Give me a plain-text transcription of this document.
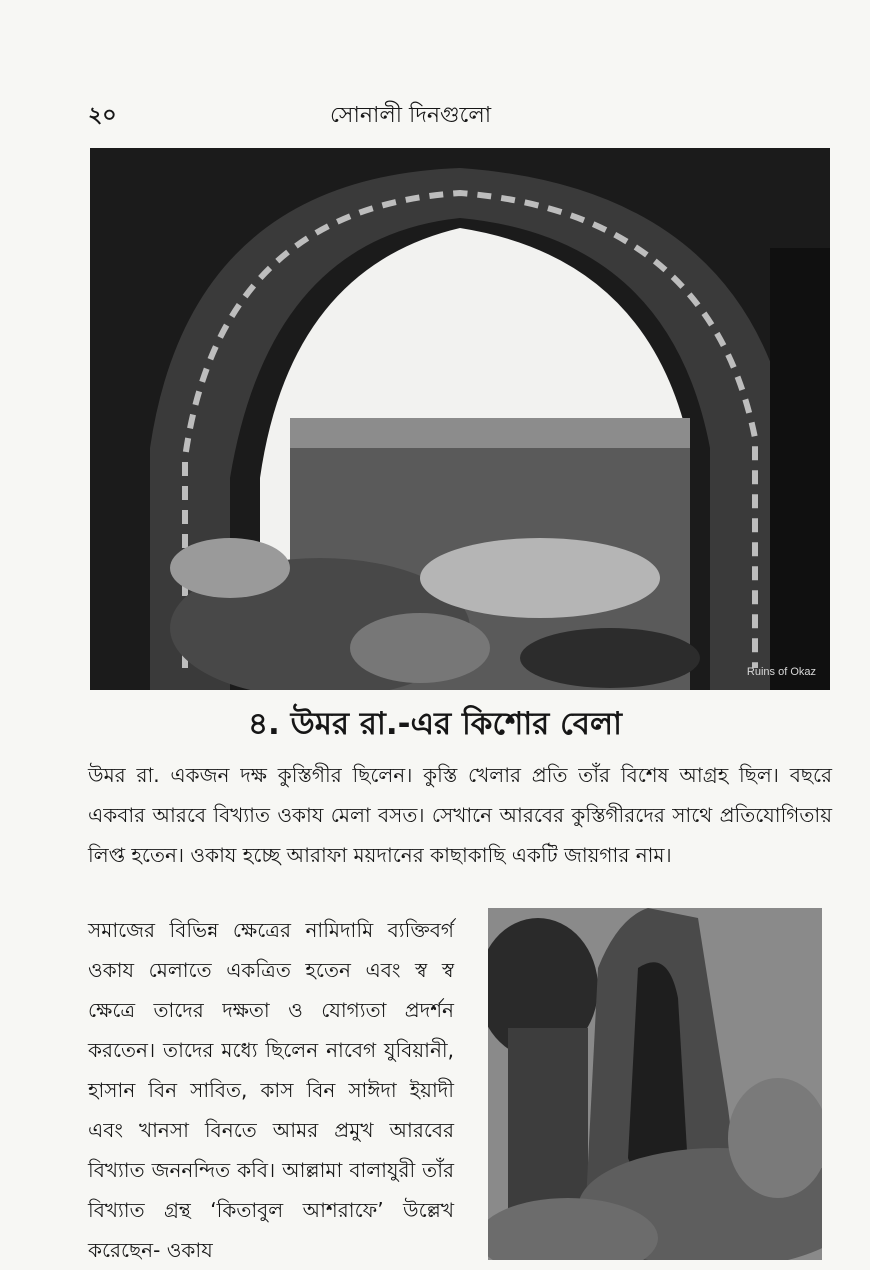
২০	সোনালী দিনগুলো
Ruins of Okaz
৪. উমর রা.-এর কিশোর বেলা

উমর রা. একজন দক্ষ কুস্তিগীর ছিলেন। কুস্তি খেলার প্রতি তাঁর বিশেষ আগ্রহ ছিল। বছরে একবার আরবে বিখ্যাত ওকায মেলা বসত। সেখানে আরবের কুস্তিগীরদের সাথে প্রতিযোগিতায় লিপ্ত হতেন। ওকায হচ্ছে আরাফা ময়দানের কাছাকাছি একটি জায়গার নাম।

সমাজের বিভিন্ন ক্ষেত্রের নামিদামি ব্যক্তিবর্গ ওকায মেলাতে একত্রিত হতেন এবং স্ব স্ব ক্ষেত্রে তাদের দক্ষতা ও যোগ্যতা প্রদর্শন করতেন। তাদের মধ্যে ছিলেন নাবেগ যুবিয়ানী, হাসান বিন সাবিত, কাস বিন সাঈদা ইয়াদী এবং খানসা বিনতে আমর প্রমুখ আরবের বিখ্যাত জননন্দিত কবি। আল্লামা বালাযুরী তাঁর বিখ্যাত গ্রন্থ ‘কিতাবুল আশরাফে’ উল্লেখ করেছেন- ওকায
